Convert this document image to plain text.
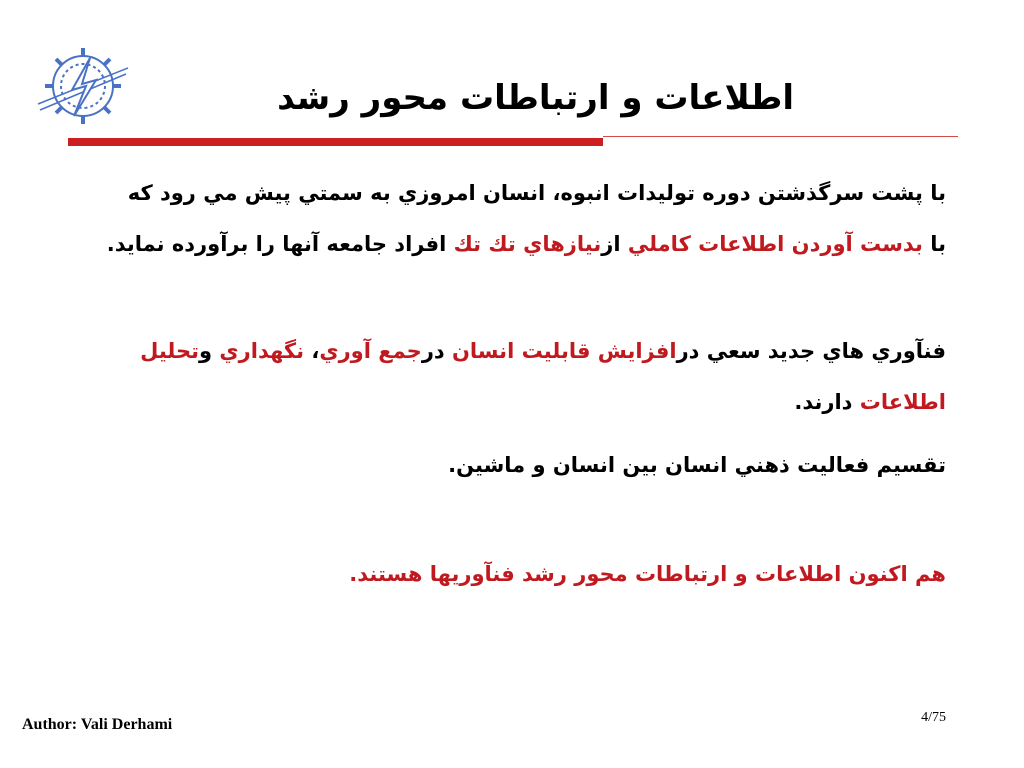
اطلاعات و ارتباطات محور رشد

با پشت سرگذشتن دوره توليدات انبوه، انسان امروزي به سمتي پيش مي رود كه با بدست آوردن اطلاعات كاملي ازنيازهاي تك تك افراد جامعه آنها را برآورده نمايد.

فنآوري هاي جديد سعي درافزايش قابليت انسان درجمع آوري، نگهداري وتحليل اطلاعات دارند.

تقسيم فعاليت ذهني انسان بين انسان و ماشين.

هم اكنون اطلاعات و ارتباطات محور رشد فنآوريها هستند.

Author: Vali Derhami	4/75
